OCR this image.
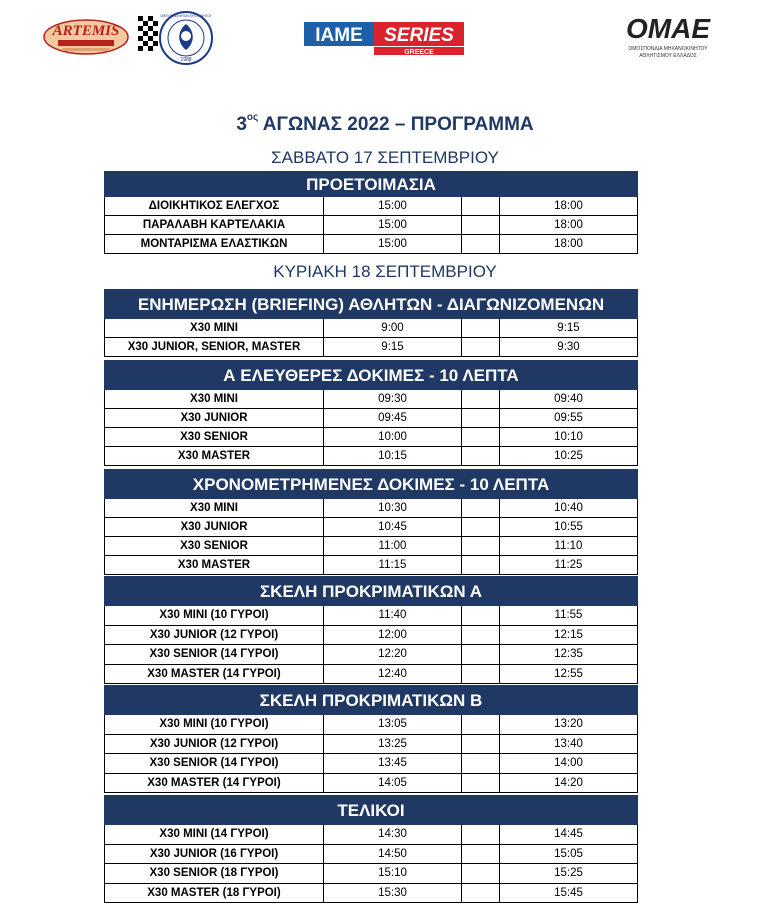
ARTEMIS
1988
ΟΜΙΛΟΣ ΑΘΛΗΤΩΝ ΑΥΤΟΚΙΝΗΤΟΥ
IAME SERIES
GREECE
OMAE
ΟΜΟΣΠΟΝΔΙΑ ΜΗΧΑΝΟΚΙΝΗΤΟΥ
ΑΘΛΗΤΙΣΜΟΥ ΕΛΛΑΔΟΣ
$3^{o\varsigma}$ ΑΓΩΝΑΣ 2022 – ΠΡΟΓΡΑΜΜΑ
ΣΑΒΒΑΤΟ 17 ΣΕΠΤΕΜΒΡΙΟΥ
ΚΥΡΙΑΚΗ 18 ΣΕΠΤΕΜΒΡΙΟΥ
ΠΡΟΕΤΟΙΜΑΣΙΑ
ΔΙΟΙΚΗΤΙΚΟΣ ΕΛΕΓΧΟΣ	15:00	18:00
ΠΑΡΑΛΑΒΗ ΚΑΡΤΕΛΑΚΙΑ	15:00	18:00
ΜΟΝΤΑΡΙΣΜΑ ΕΛΑΣΤΙΚΩΝ	15:00	18:00
ΕΝΗΜΕΡΩΣΗ (BRIEFING) ΑΘΛΗΤΩΝ - ΔΙΑΓΩΝΙΖΟΜΕΝΩΝ
X30 MINI	9:00	9:15
X30 JUNIOR, SENIOR, MASTER	9:15	9:30
Α ΕΛΕΥΘΕΡΕΣ ΔΟΚΙΜΕΣ - 10 ΛΕΠΤΑ
X30 MINI	09:30	09:40
X30 JUNIOR	09:45	09:55
X30 SENIOR	10:00	10:10
X30 MASTER	10:15	10:25
ΧΡΟΝΟΜΕΤΡΗΜΕΝΕΣ ΔΟΚΙΜΕΣ - 10 ΛΕΠΤΑ
X30 MINI	10:30	10:40
X30 JUNIOR	10:45	10:55
X30 SENIOR	11:00	11:10
X30 MASTER	11:15	11:25
ΣΚΕΛΗ ΠΡΟΚΡΙΜΑΤΙΚΩΝ Α
X30 MINI (10 ΓΥΡΟΙ)	11:40	11:55
X30 JUNIOR (12 ΓΥΡΟΙ)	12:00	12:15
X30 SENIOR (14 ΓΥΡΟΙ)	12:20	12:35
X30 MASTER (14 ΓΥΡΟΙ)	12:40	12:55
ΣΚΕΛΗ ΠΡΟΚΡΙΜΑΤΙΚΩΝ Β
X30 MINI (10 ΓΥΡΟΙ)	13:05	13:20
X30 JUNIOR (12 ΓΥΡΟΙ)	13:25	13:40
X30 SENIOR (14 ΓΥΡΟΙ)	13:45	14:00
X30 MASTER (14 ΓΥΡΟΙ)	14:05	14:20
ΤΕΛΙΚΟΙ
X30 MINI (14 ΓΥΡΟΙ)	14:30	14:45
X30 JUNIOR (16 ΓΥΡΟΙ)	14:50	15:05
X30 SENIOR (18 ΓΥΡΟΙ)	15:10	15:25
X30 MASTER (18 ΓΥΡΟΙ)	15:30	15:45
